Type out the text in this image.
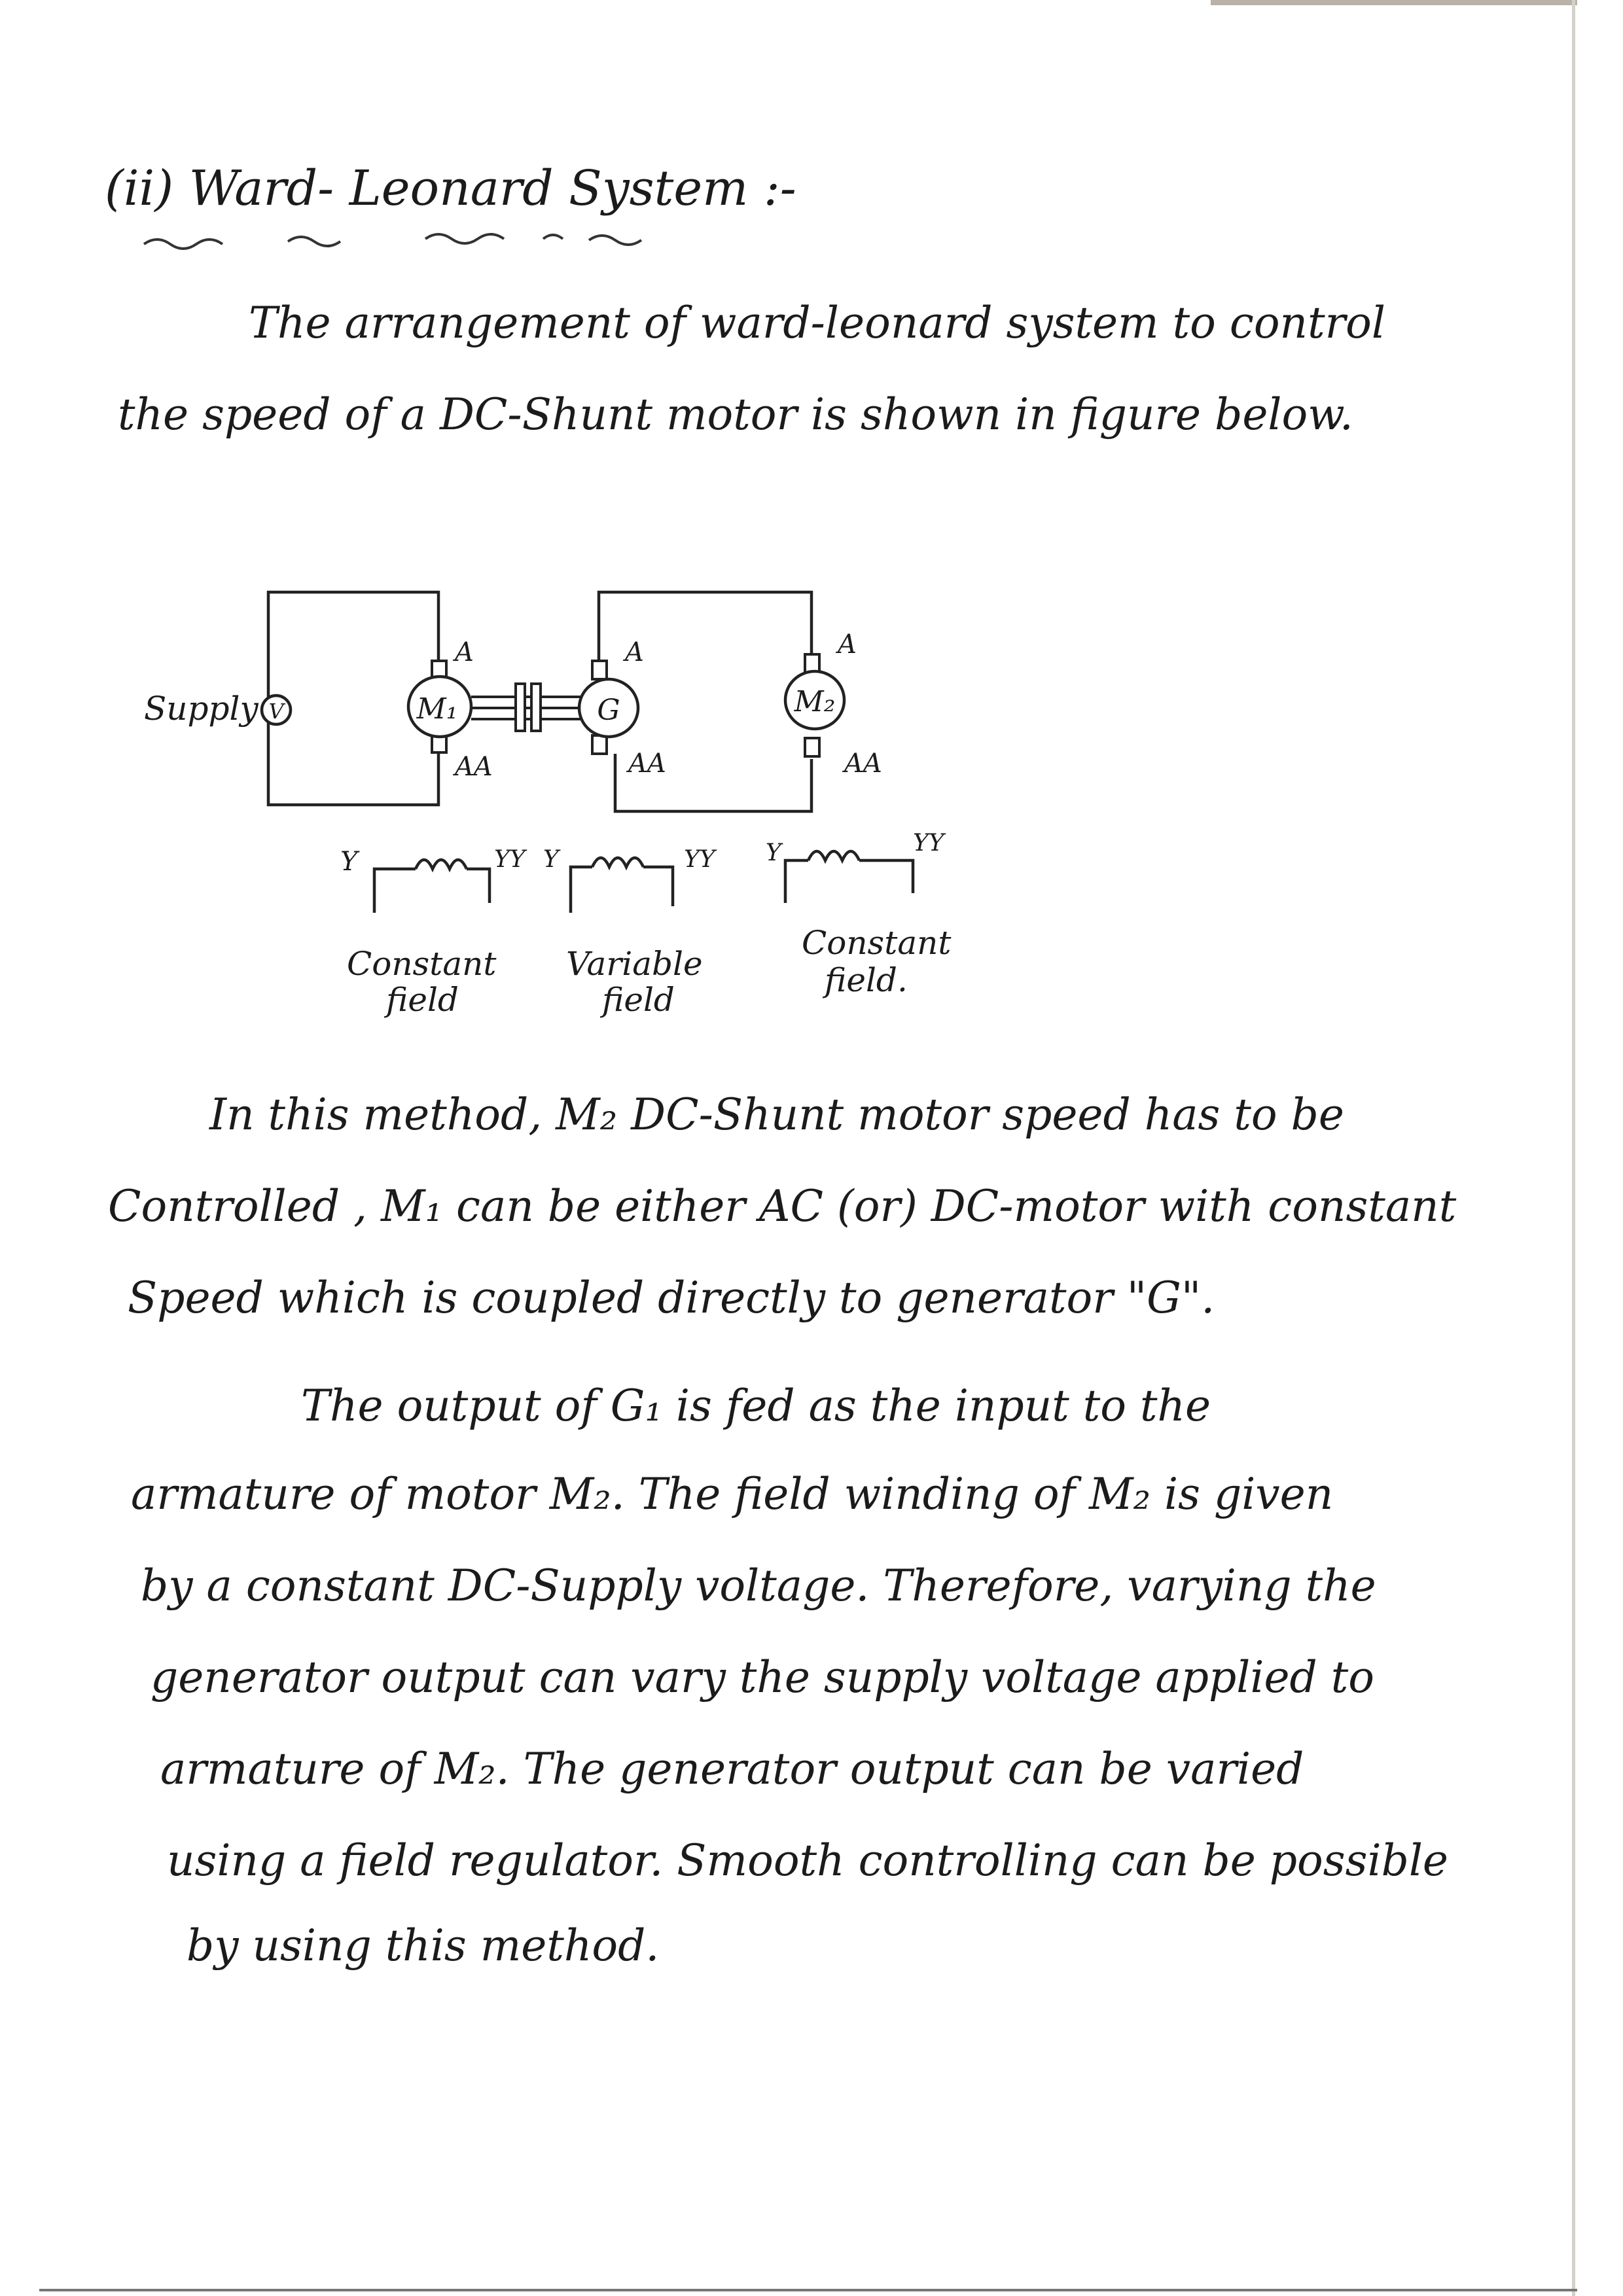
(ii) Ward- Leonard System :-
The arrangement of ward-leonard system to control
the speed of a DC-Shunt motor is shown in figure below.
Supply V	M₁
A
AA
G
A
AA
M₂
A
AA
Y	YY
Constant
field
Y	YY
Variable
field
Y	YY
Constant
field.
In this method, M₂ DC-Shunt motor speed has to be
Controlled , M₁ can be either AC (or) DC-motor with constant
Speed which is coupled directly to generator "G".
The output of G₁ is fed as the input to the
armature of motor M₂. The field winding of M₂ is given
by a constant DC-Supply voltage. Therefore, varying the
generator output can vary the supply voltage applied to
armature of M₂. The generator output can be varied
using a field regulator. Smooth controlling can be possible
by using this method.
